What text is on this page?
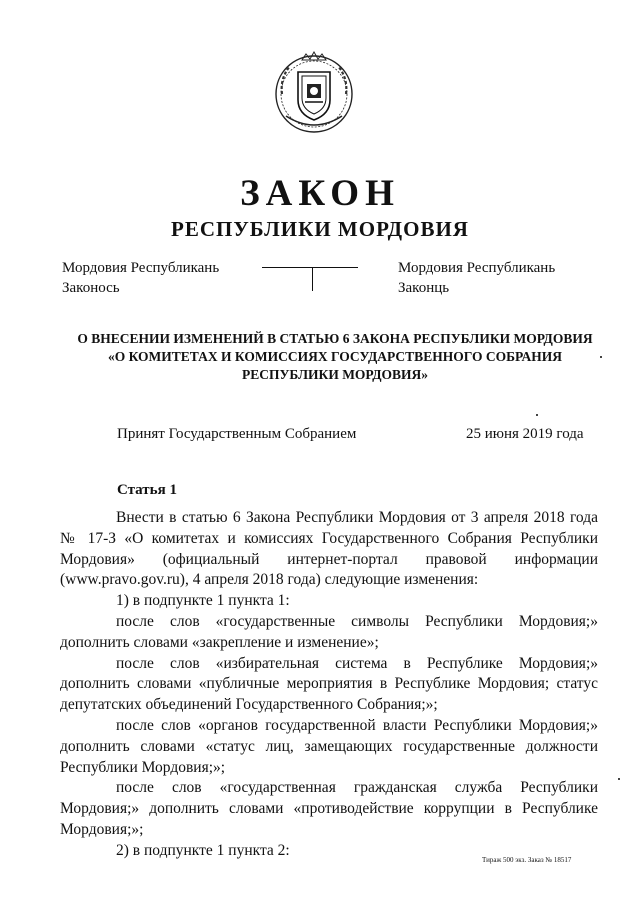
ЗАКОН
РЕСПУБЛИКИ МОРДОВИЯ
Мордовия Республикань
Законось
Мордовия Республикань
Законць
О ВНЕСЕНИИ ИЗМЕНЕНИЙ В СТАТЬЮ 6 ЗАКОНА РЕСПУБЛИКИ МОРДОВИЯ
«О КОМИТЕТАХ И КОМИССИЯХ ГОСУДАРСТВЕННОГО СОБРАНИЯ
РЕСПУБЛИКИ МОРДОВИЯ»
Принят Государственным Собранием	25 июня 2019 года
Статья 1

Внести в статью 6 Закона Республики Мордовия от 3 апреля 2018 года № 17-З «О комитетах и комиссиях Государственного Собрания Республики Мордовия» (официальный интернет-портал правовой информации (www.pravo.gov.ru), 4 апреля 2018 года) следующие изменения:

1) в подпункте 1 пункта 1:

после слов «государственные символы Республики Мордовия;» дополнить словами «закрепление и изменение»;

после слов «избирательная система в Республике Мордовия;» дополнить словами «публичные мероприятия в Республике Мордовия; статус депутатских объединений Государственного Собрания;»;

после слов «органов государственной власти Республики Мордовия;» дополнить словами «статус лиц, замещающих государственные должности Республики Мордовия;»;

после слов «государственная гражданская служба Республики Мордовия;» дополнить словами «противодействие коррупции в Республике Мордовия;»;

2) в подпункте 1 пункта 2:

Тираж 500 экз. Заказ № 18517
